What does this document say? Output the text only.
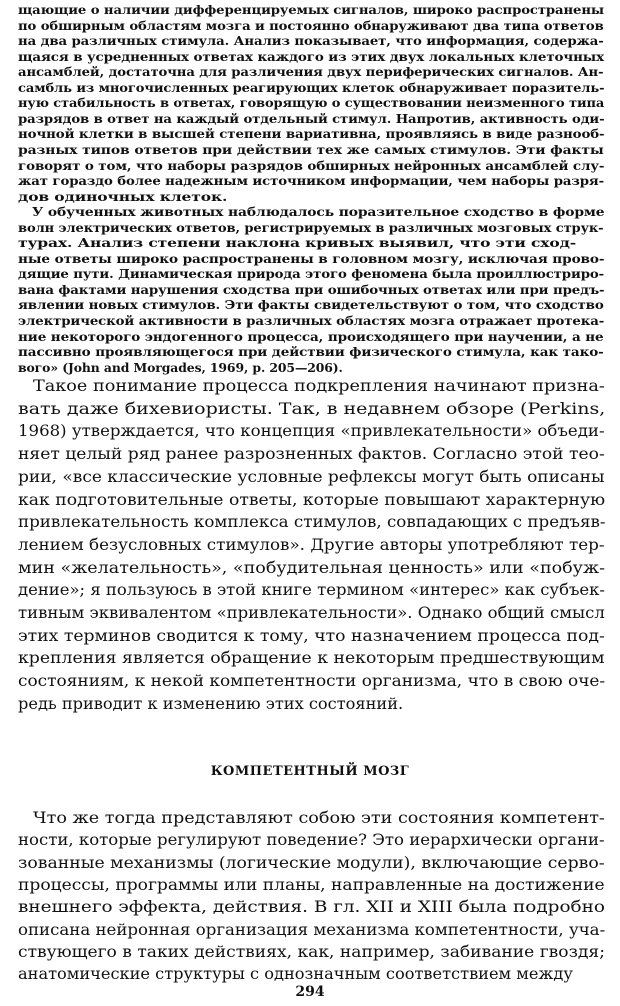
щающие о наличии дифференцируемых сигналов, широко распространены
по обширным областям мозга и постоянно обнаруживают два типа ответов
на два различных стимула. Анализ показывает, что информация, содержа-
щаяся в усредненных ответах каждого из этих двух локальных клеточных
ансамблей, достаточна для различения двух периферических сигналов. Ан-
самбль из многочисленных реагирующих клеток обнаруживает поразитель-
ную стабильность в ответах, говорящую о существовании неизменного типа
разрядов в ответ на каждый отдельный стимул. Напротив, активность оди-
ночной клетки в высшей степени вариативна, проявляясь в виде разнооб-
разных типов ответов при действии тех же самых стимулов. Эти факты
говорят о том, что наборы разрядов обширных нейронных ансамблей слу-
жат гораздо более надежным источником информации, чем наборы разря-
дов одиночных клеток.
У обученных животных наблюдалось поразительное сходство в форме
волн электрических ответов, регистрируемых в различных мозговых струк-
турах. Анализ степени наклона кривых выявил, что эти сход-
ные ответы широко распространены в головном мозгу, исключая прово-
дящие пути. Динамическая природа этого феномена была проиллюстриро-
вана фактами нарушения сходства при ошибочных ответах или при предъ-
явлении новых стимулов. Эти факты свидетельствуют о том, что сходство
электрической активности в различных областях мозга отражает протека-
ние некоторого эндогенного процесса, происходящего при научении, а не
пассивно проявляющегося при действии физического стимула, как тако-
вого» (John and Morgades, 1969, p. 205—206).
Такое понимание процесса подкрепления начинают призна-
вать даже бихевиористы. Так, в недавнем обзоре (Perkins,
1968) утверждается, что концепция «привлекательности» объеди-
няет целый ряд ранее разрозненных фактов. Согласно этой тео-
рии, «все классические условные рефлексы могут быть описаны
как подготовительные ответы, которые повышают характерную
привлекательность комплекса стимулов, совпадающих с предъяв-
лением безусловных стимулов». Другие авторы употребляют тер-
мин «желательность», «побудительная ценность» или «побуж-
дение»; я пользуюсь в этой книге термином «интерес» как субъек-
тивным эквивалентом «привлекательности». Однако общий смысл
этих терминов сводится к тому, что назначением процесса под-
крепления является обращение к некоторым предшествующим
состояниям, к некой компетентности организма, что в свою оче-
редь приводит к изменению этих состояний.
КОМПЕТЕНТНЫЙ МОЗГ
Что же тогда представляют собою эти состояния компетент-
ности, которые регулируют поведение? Это иерархически органи-
зованные механизмы (логические модули), включающие серво-
процессы, программы или планы, направленные на достижение
внешнего эффекта, действия. В гл. XII и XIII была подробно
описана нейронная организация механизма компетентности, уча-
ствующего в таких действиях, как, например, забивание гвоздя;
анатомические структуры с однозначным соответствием между
294
